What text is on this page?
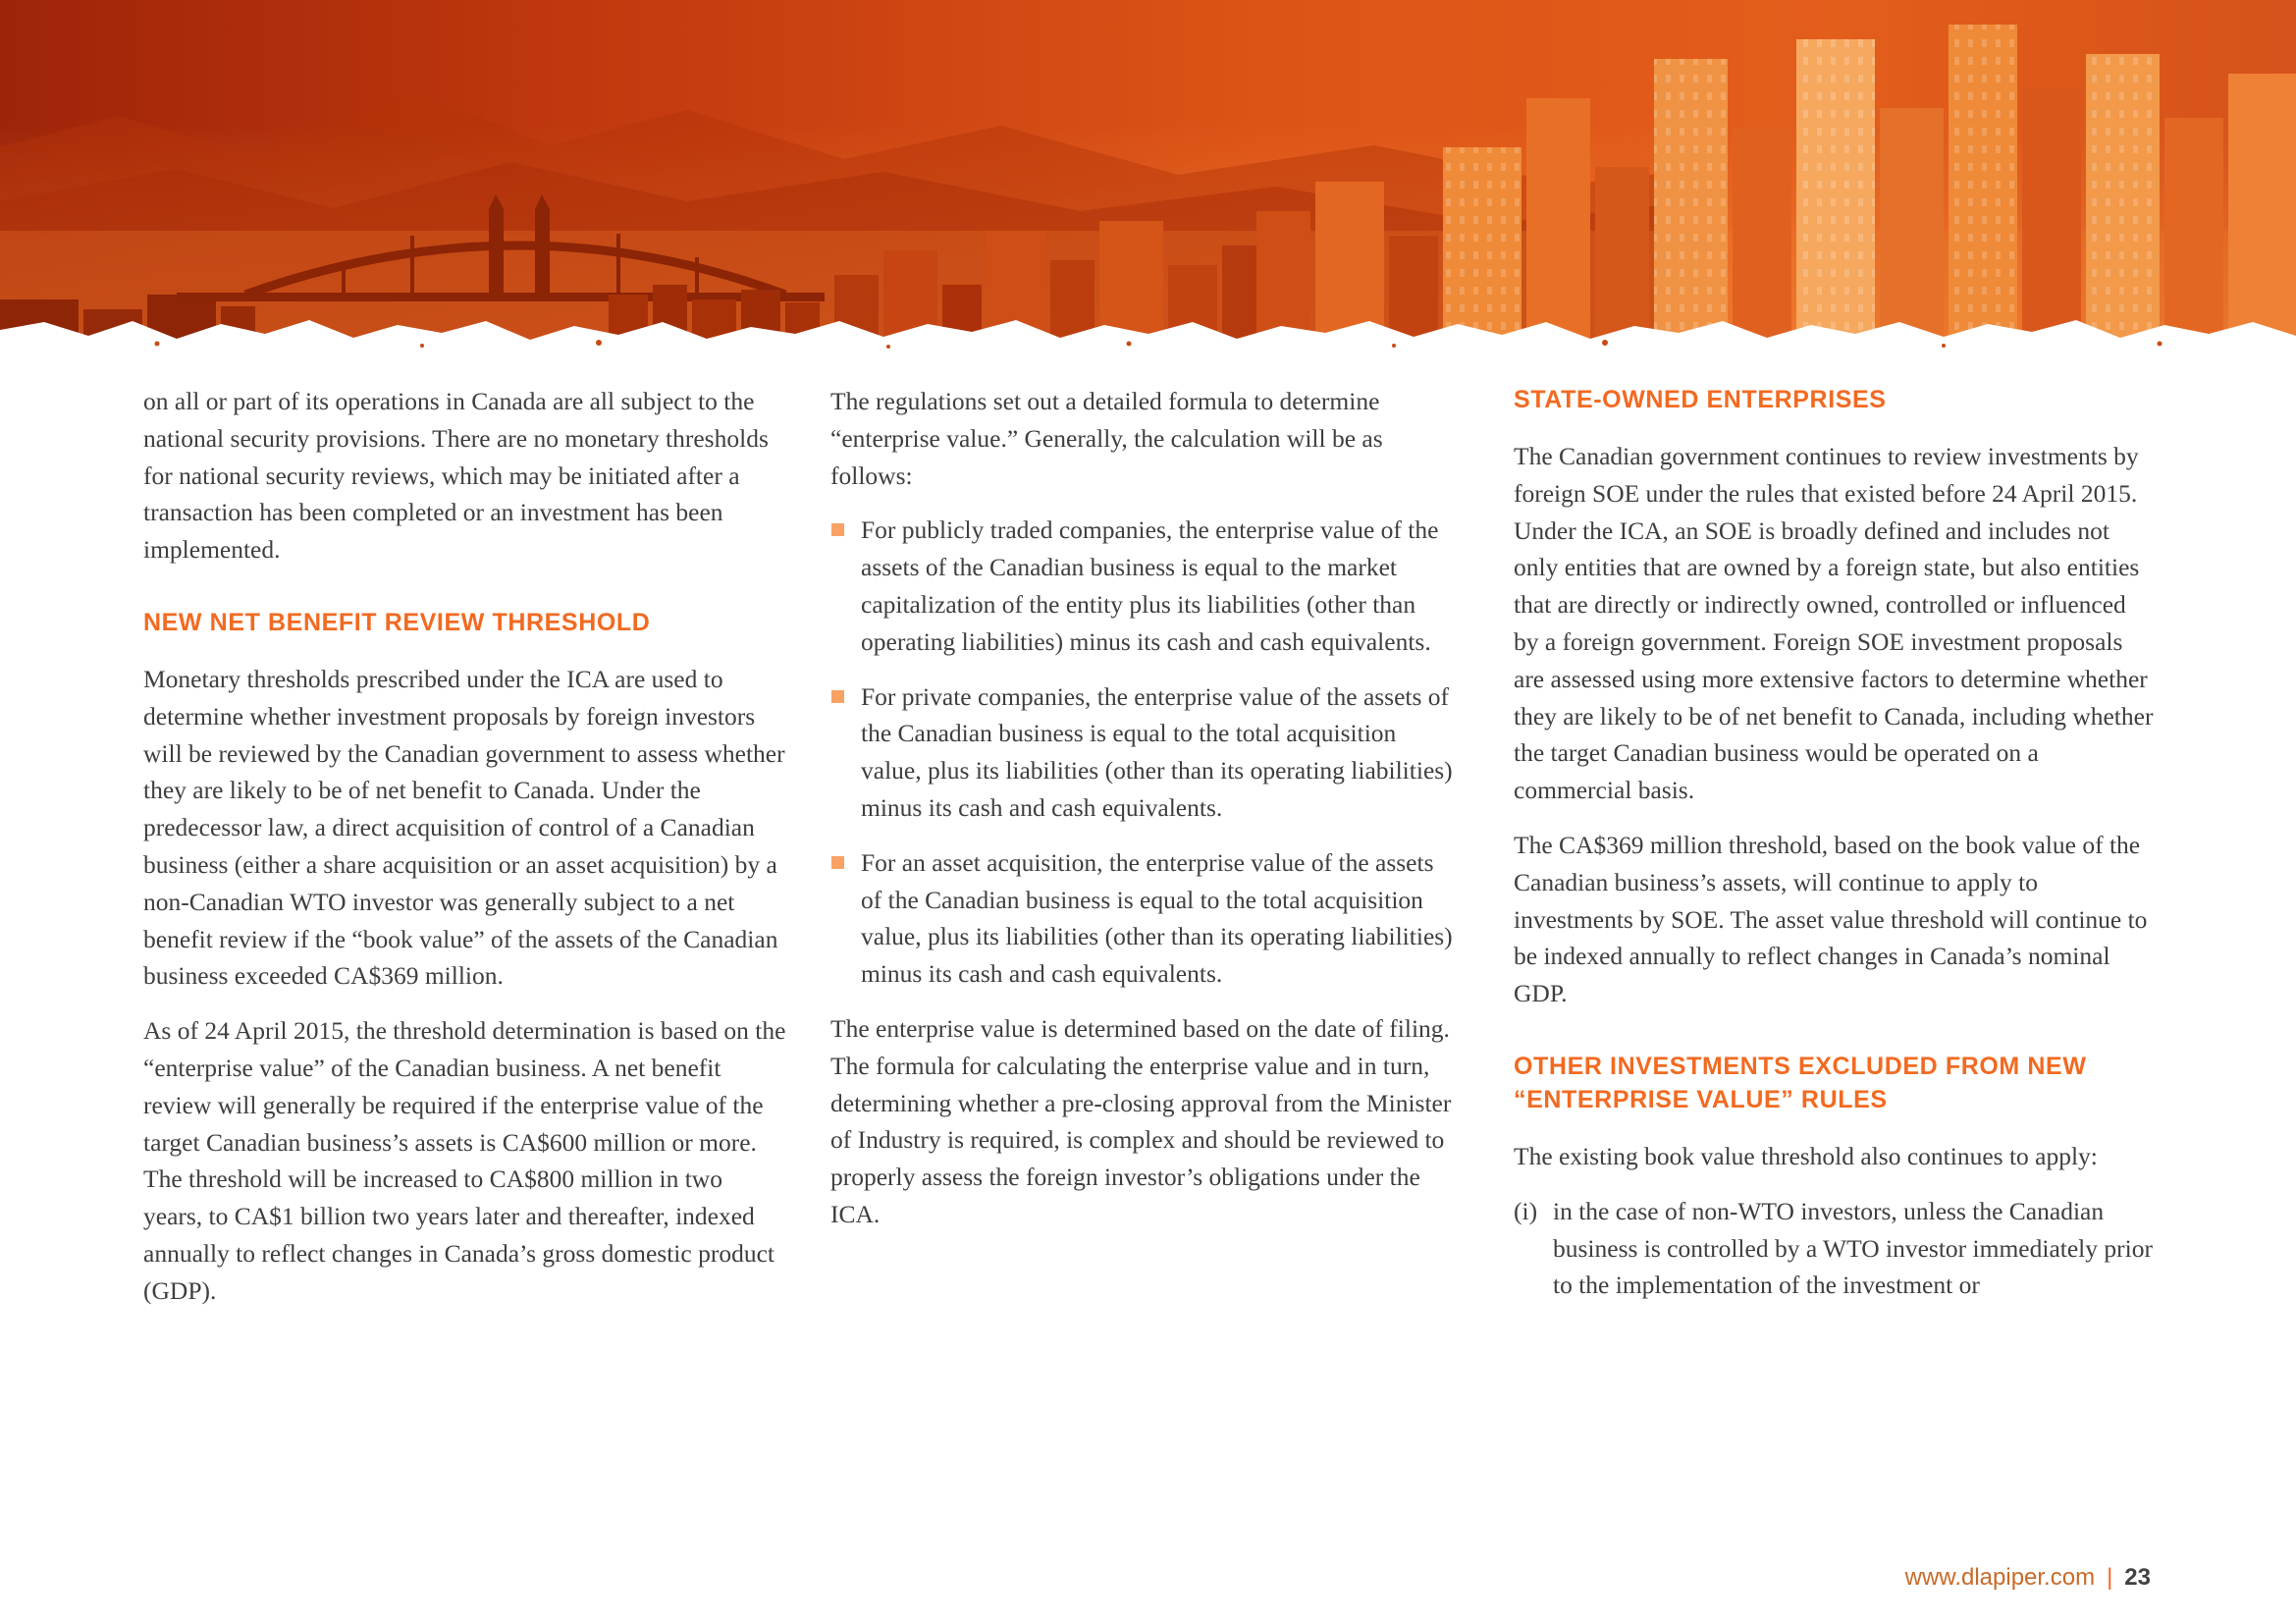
on all or part of its operations in Canada are all subject to the national security provisions. There are no monetary thresholds for national security reviews, which may be initiated after a transaction has been completed or an investment has been implemented.

NEW NET BENEFIT REVIEW THRESHOLD

Monetary thresholds prescribed under the ICA are used to determine whether investment proposals by foreign investors will be reviewed by the Canadian government to assess whether they are likely to be of net benefit to Canada. Under the predecessor law, a direct acquisition of control of a Canadian business (either a share acquisition or an asset acquisition) by a non-Canadian WTO investor was generally subject to a net benefit review if the “book value” of the assets of the Canadian business exceeded CA$369 million.

As of 24 April 2015, the threshold determination is based on the “enterprise value” of the Canadian business. A net benefit review will generally be required if the enterprise value of the target Canadian business’s assets is CA$600 million or more. The threshold will be increased to CA$800 million in two years, to CA$1 billion two years later and thereafter, indexed annually to reflect changes in Canada’s gross domestic product (GDP).

The regulations set out a detailed formula to determine “enterprise value.” Generally, the calculation will be as follows:

For publicly traded companies, the enterprise value of the assets of the Canadian business is equal to the market capitalization of the entity plus its liabilities (other than operating liabilities) minus its cash and cash equivalents.
For private companies, the enterprise value of the assets of the Canadian business is equal to the total acquisition value, plus its liabilities (other than its operating liabilities) minus its cash and cash equivalents.
For an asset acquisition, the enterprise value of the assets of the Canadian business is equal to the total acquisition value, plus its liabilities (other than its operating liabilities) minus its cash and cash equivalents.

The enterprise value is determined based on the date of filing. The formula for calculating the enterprise value and in turn, determining whether a pre-closing approval from the Minister of Industry is required, is complex and should be reviewed to properly assess the foreign investor’s obligations under the ICA.

STATE-OWNED ENTERPRISES

The Canadian government continues to review investments by foreign SOE under the rules that existed before 24 April 2015. Under the ICA, an SOE is broadly defined and includes not only entities that are owned by a foreign state, but also entities that are directly or indirectly owned, controlled or influenced by a foreign government. Foreign SOE investment proposals are assessed using more extensive factors to determine whether they are likely to be of net benefit to Canada, including whether the target Canadian business would be operated on a commercial basis.

The CA$369 million threshold, based on the book value of the Canadian business’s assets, will continue to apply to investments by SOE. The asset value threshold will continue to be indexed annually to reflect changes in Canada’s nominal GDP.

OTHER INVESTMENTS EXCLUDED FROM NEW “ENTERPRISE VALUE” RULES

The existing book value threshold also continues to apply:

(i) in the case of non-WTO investors, unless the Canadian business is controlled by a WTO investor immediately prior to the implementation of the investment or
www.dlapiper.com | 23
